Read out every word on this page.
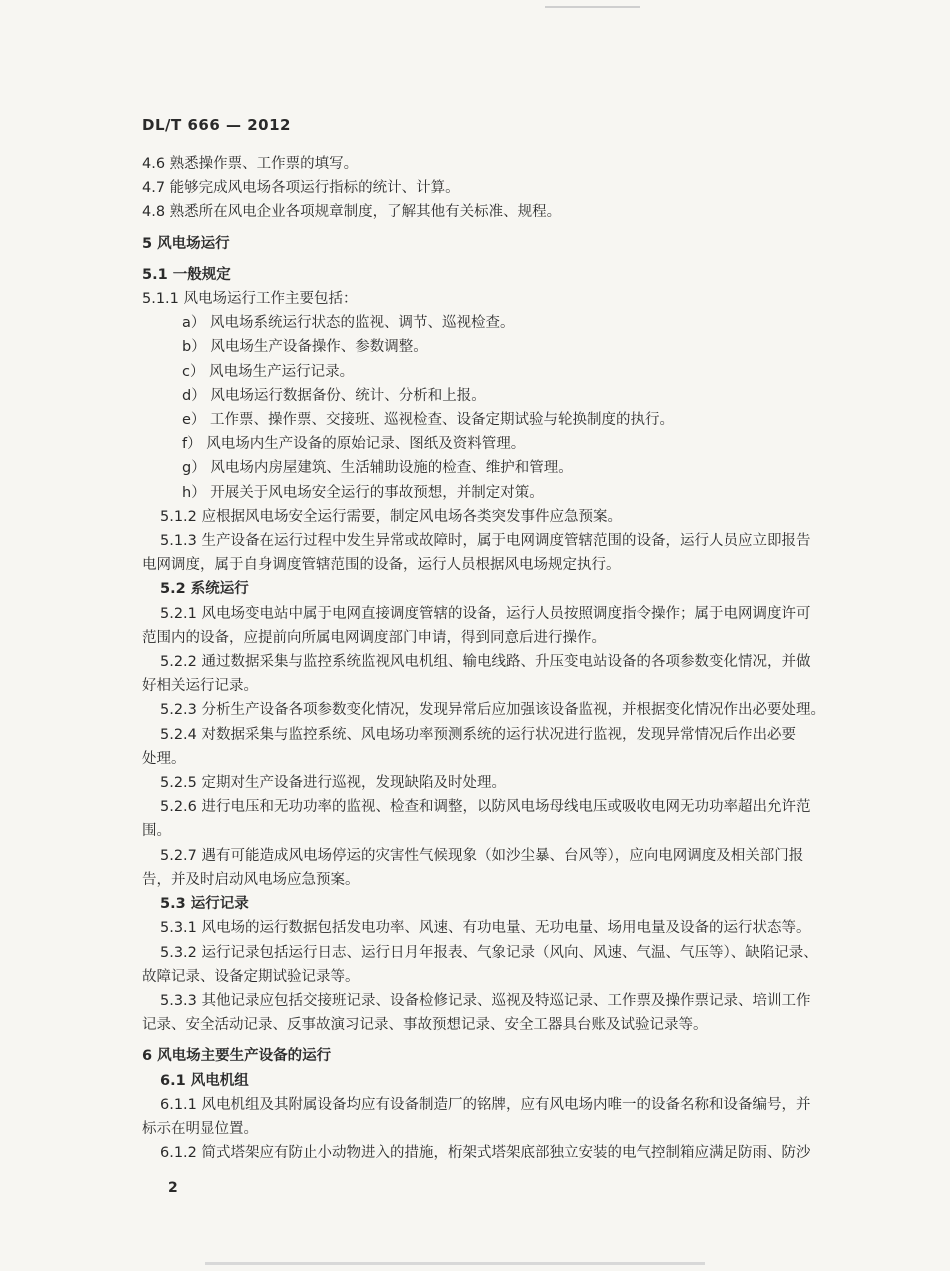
DL/T 666 — 2012
4.6 熟悉操作票、工作票的填写。
4.7 能够完成风电场各项运行指标的统计、计算。
4.8 熟悉所在风电企业各项规章制度，了解其他有关标准、规程。
5 风电场运行
5.1 一般规定
5.1.1 风电场运行工作主要包括：
a） 风电场系统运行状态的监视、调节、巡视检查。
b） 风电场生产设备操作、参数调整。
c） 风电场生产运行记录。
d） 风电场运行数据备份、统计、分析和上报。
e） 工作票、操作票、交接班、巡视检查、设备定期试验与轮换制度的执行。
f） 风电场内生产设备的原始记录、图纸及资料管理。
g） 风电场内房屋建筑、生活辅助设施的检查、维护和管理。
h） 开展关于风电场安全运行的事故预想，并制定对策。
5.1.2 应根据风电场安全运行需要，制定风电场各类突发事件应急预案。
5.1.3 生产设备在运行过程中发生异常或故障时，属于电网调度管辖范围的设备，运行人员应立即报告
电网调度，属于自身调度管辖范围的设备，运行人员根据风电场规定执行。
5.2 系统运行
5.2.1 风电场变电站中属于电网直接调度管辖的设备，运行人员按照调度指令操作；属于电网调度许可
范围内的设备，应提前向所属电网调度部门申请，得到同意后进行操作。
5.2.2 通过数据采集与监控系统监视风电机组、输电线路、升压变电站设备的各项参数变化情况，并做
好相关运行记录。
5.2.3 分析生产设备各项参数变化情况，发现异常后应加强该设备监视，并根据变化情况作出必要处理。
5.2.4 对数据采集与监控系统、风电场功率预测系统的运行状况进行监视，发现异常情况后作出必要
处理。
5.2.5 定期对生产设备进行巡视，发现缺陷及时处理。
5.2.6 进行电压和无功功率的监视、检查和调整，以防风电场母线电压或吸收电网无功功率超出允许范
围。
5.2.7 遇有可能造成风电场停运的灾害性气候现象（如沙尘暴、台风等），应向电网调度及相关部门报
告，并及时启动风电场应急预案。
5.3 运行记录
5.3.1 风电场的运行数据包括发电功率、风速、有功电量、无功电量、场用电量及设备的运行状态等。
5.3.2 运行记录包括运行日志、运行日月年报表、气象记录（风向、风速、气温、气压等）、缺陷记录、
故障记录、设备定期试验记录等。
5.3.3 其他记录应包括交接班记录、设备检修记录、巡视及特巡记录、工作票及操作票记录、培训工作
记录、安全活动记录、反事故演习记录、事故预想记录、安全工器具台账及试验记录等。
6 风电场主要生产设备的运行
6.1 风电机组
6.1.1 风电机组及其附属设备均应有设备制造厂的铭牌，应有风电场内唯一的设备名称和设备编号，并
标示在明显位置。
6.1.2 简式塔架应有防止小动物进入的措施，桁架式塔架底部独立安装的电气控制箱应满足防雨、防沙
2
